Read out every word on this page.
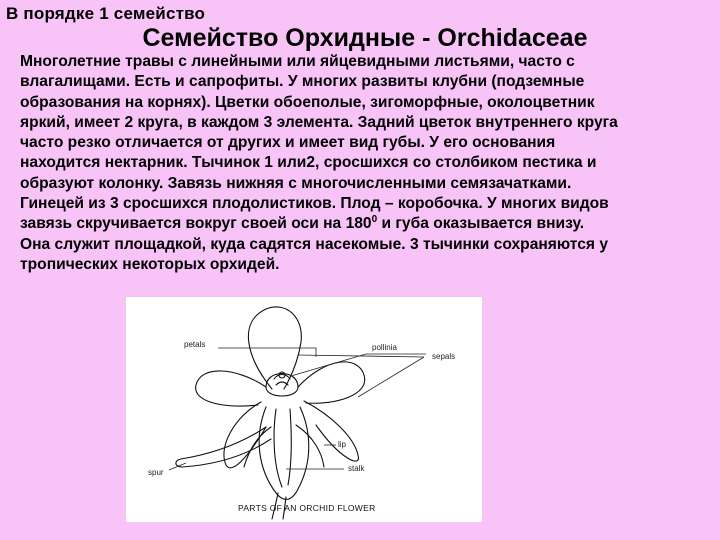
В порядке 1 семейство
Семейство Орхидные - Orchidaceae
Многолетние травы с линейными или яйцевидными листьями, часто с
влагалищами. Есть и сапрофиты. У многих развиты клубни (подземные
образования на корнях). Цветки обоеполые, зигоморфные, околоцветник
яркий, имеет 2 круга, в каждом 3 элемента. Задний цветок внутреннего круга
часто резко отличается от других и имеет вид губы. У его основания
находится нектарник. Тычинок 1 или2, сросшихся со столбиком пестика и
образуют колонку. Завязь нижняя с многочисленными семязачатками.
Гинецей из 3 сросшихся плодолистиков. Плод – коробочка. У многих видов
завязь скручивается вокруг своей оси на $180^0$ и губа оказывается внизу.
Она служит площадкой, куда садятся насекомые. 3 тычинки сохраняются у
тропических некоторых орхидей.
petals	pollinia
sepals
lip
spur	stalk
PARTS OF AN ORCHID FLOWER
